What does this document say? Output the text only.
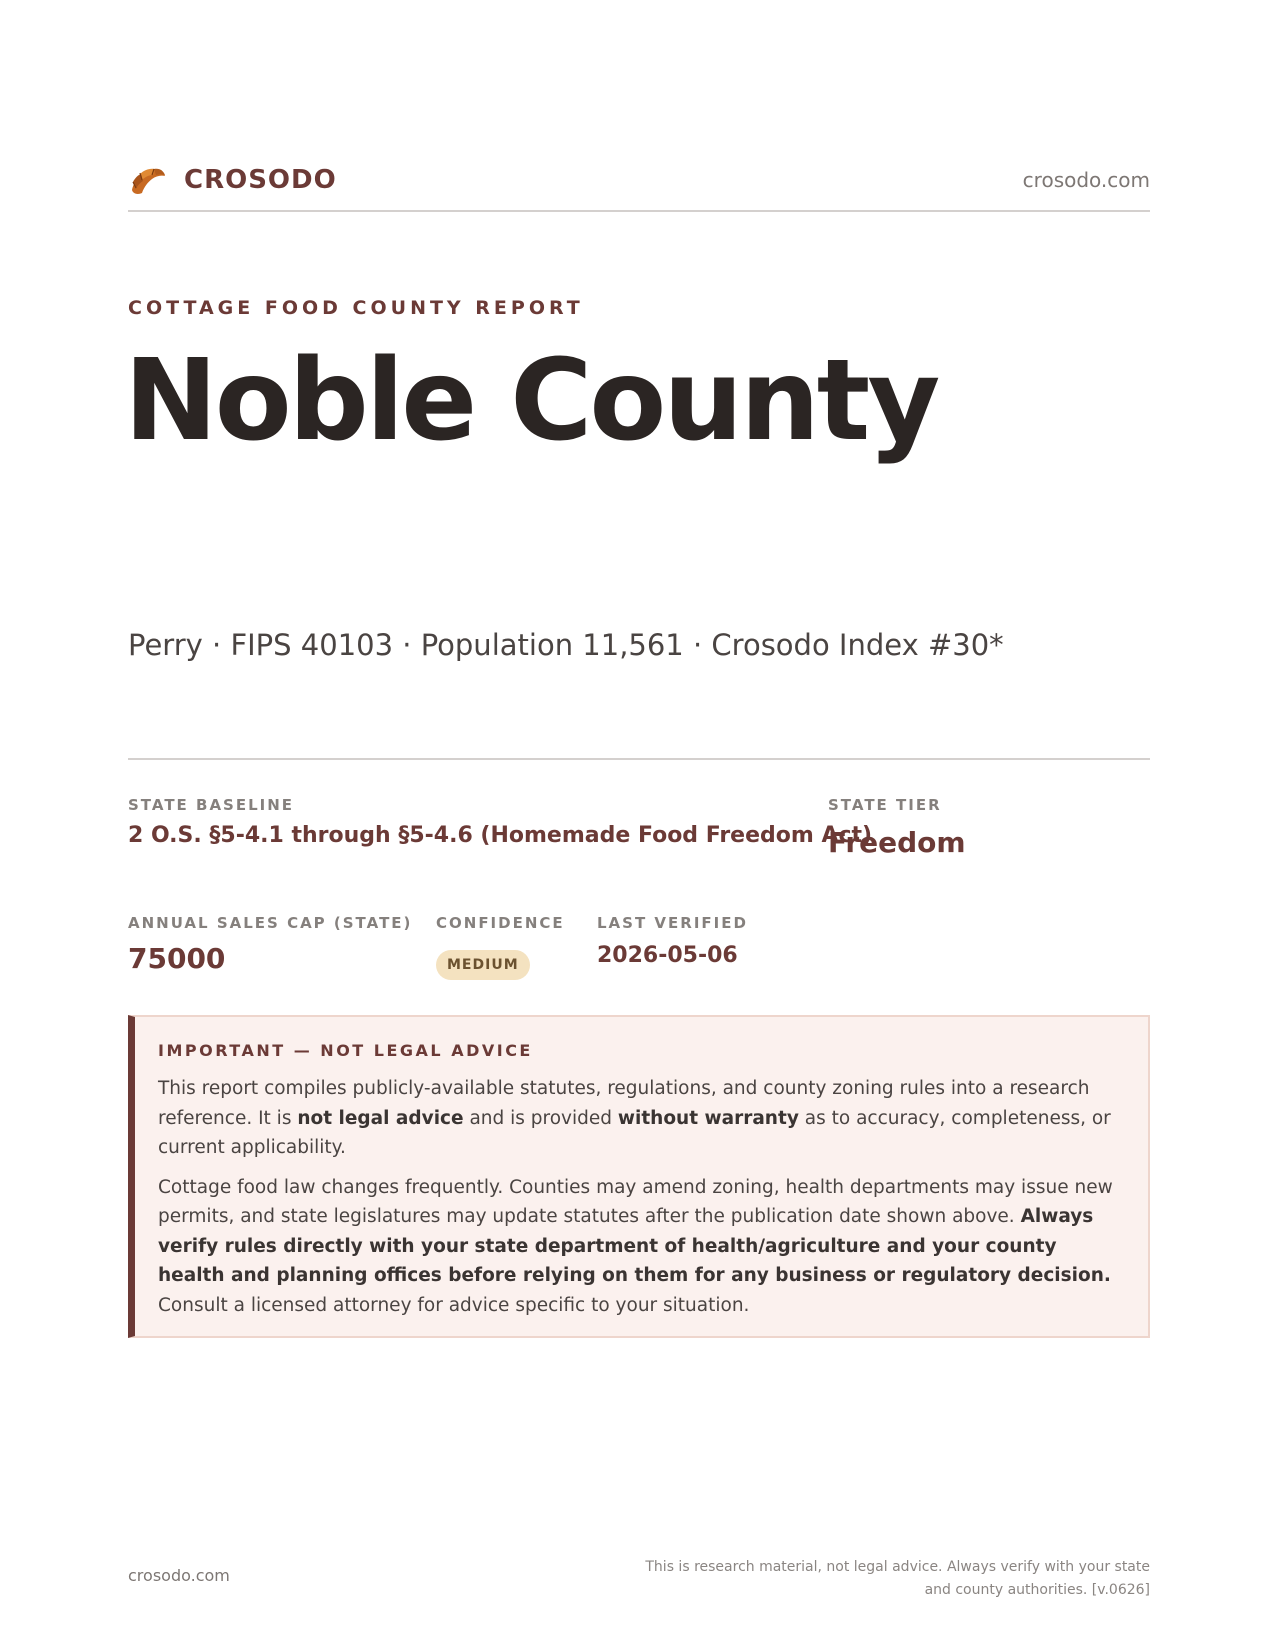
CROSODO	crosodo.com
COTTAGE FOOD COUNTY REPORT
Noble County
Perry · FIPS 40103 · Population 11,561 · Crosodo Index #30*
STATE BASELINE
2 O.S. §5-4.1 through §5-4.6 (Homemade Food Freedom Act)
STATE TIER
Freedom
ANNUAL SALES CAP (STATE)
75000
CONFIDENCE
MEDIUM
LAST VERIFIED
2026-05-06
IMPORTANT — NOT LEGAL ADVICE

This report compiles publicly-available statutes, regulations, and county zoning rules into a research reference. It is not legal advice and is provided without warranty as to accuracy, completeness, or current applicability.

Cottage food law changes frequently. Counties may amend zoning, health departments may issue new permits, and state legislatures may update statutes after the publication date shown above. Always verify rules directly with your state department of health/agriculture and your county health and planning offices before relying on them for any business or regulatory decision. Consult a licensed attorney for advice specific to your situation.

crosodo.com	This is research material, not legal advice. Always verify with your state and county authorities. [v.0626]
